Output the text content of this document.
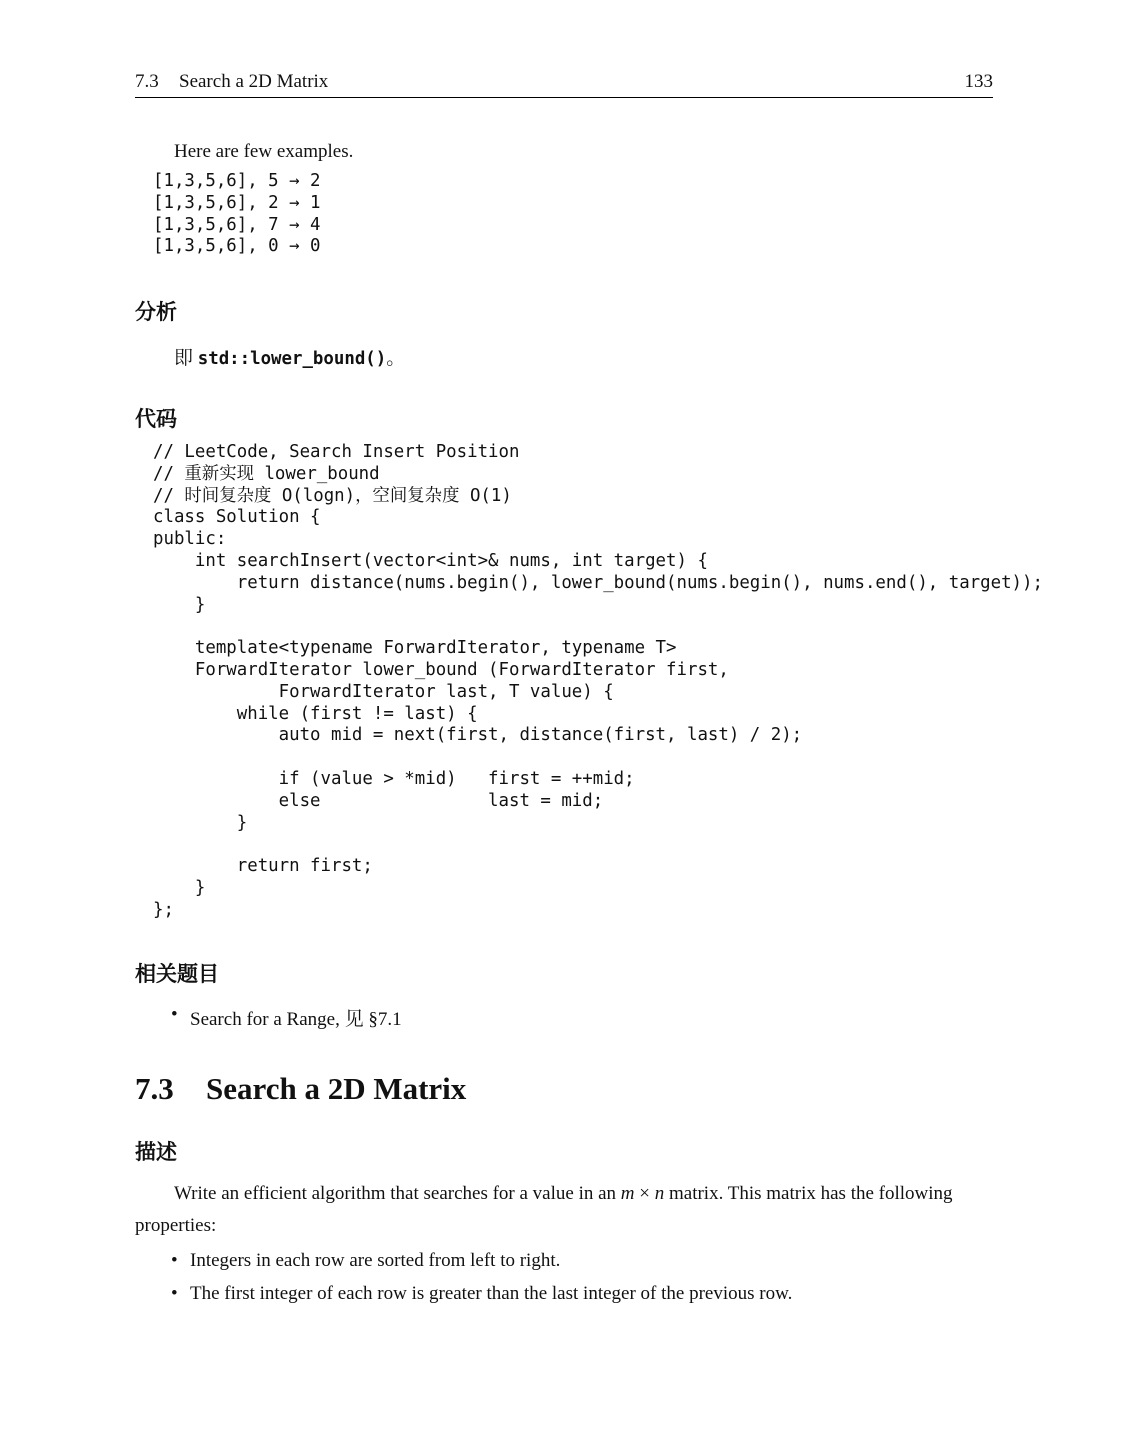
7.3 Search a 2D Matrix	133
Here are few examples.
[1,3,5,6], 5 → 2
[1,3,5,6], 2 → 1
[1,3,5,6], 7 → 4
[1,3,5,6], 0 → 0
分析
即 std::lower_bound()。
代码
// LeetCode, Search Insert Position
// 重新实现 lower_bound
// 时间复杂度 O(logn)，空间复杂度 O(1)
class Solution {
public:
int searchInsert(vector<int>& nums, int target) {
return distance(nums.begin(), lower_bound(nums.begin(), nums.end(), target));
}

template<typename ForwardIterator, typename T>
ForwardIterator lower_bound (ForwardIterator first,
ForwardIterator last, T value) {
while (first != last) {
auto mid = next(first, distance(first, last) / 2);

if (value > *mid)   first = ++mid;
else                last = mid;
}

return first;
}
};
相关题目
• Search for a Range, 见 §7.1
7.3 Search a 2D Matrix
描述
Write an efficient algorithm that searches for a value in an m × n matrix. This matrix has the following properties:
• Integers in each row are sorted from left to right.
• The first integer of each row is greater than the last integer of the previous row.
